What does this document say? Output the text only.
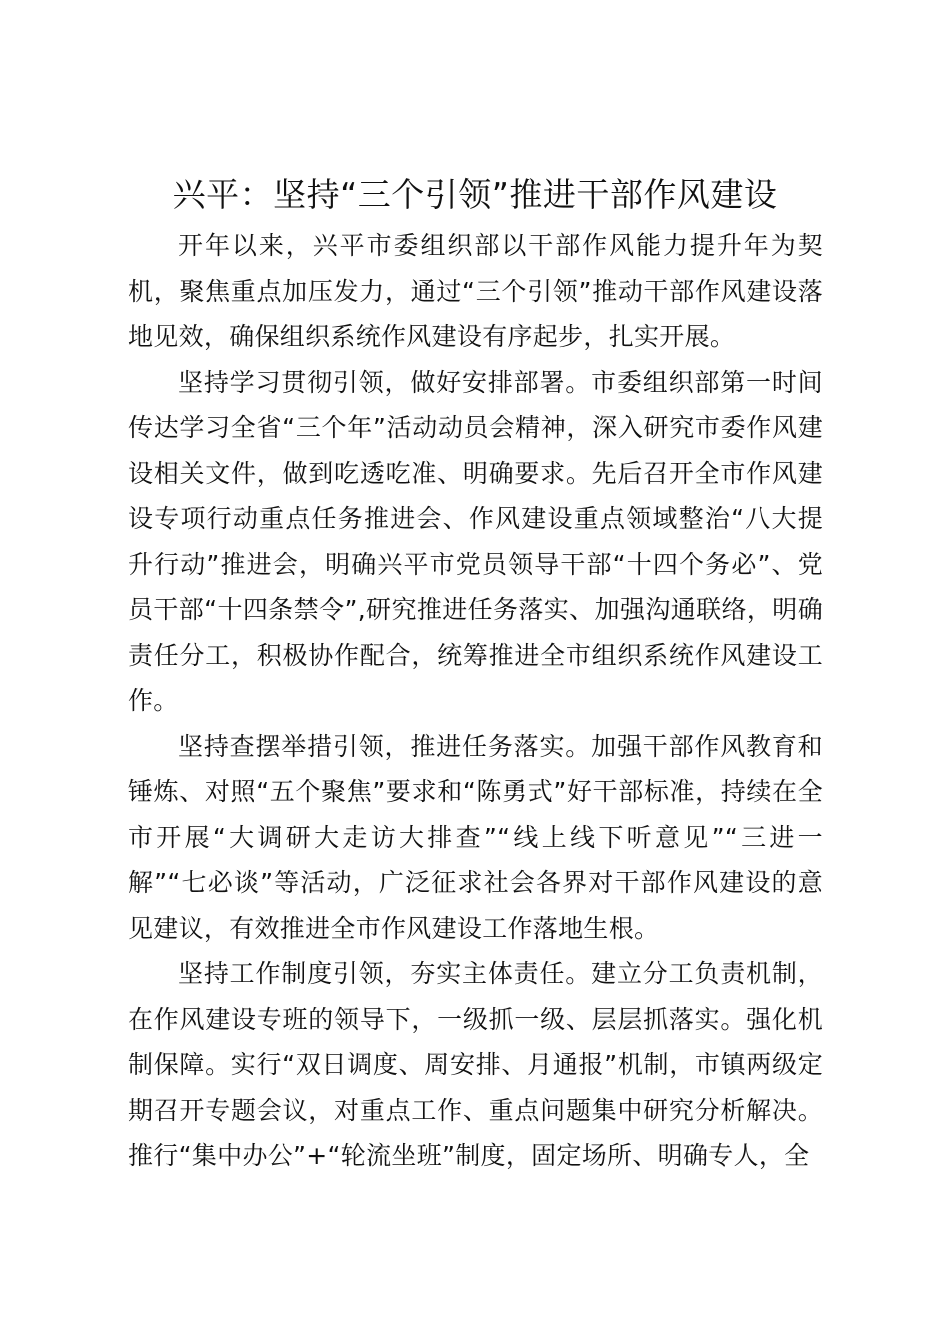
兴平：坚持“三个引领”推进干部作风建设

开年以来，兴平市委组织部以干部作风能力提升年为契机，聚焦重点加压发力，通过“三个引领”推动干部作风建设落地见效，确保组织系统作风建设有序起步，扎实开展。

坚持学习贯彻引领，做好安排部署。市委组织部第一时间传达学习全省“三个年”活动动员会精神，深入研究市委作风建设相关文件，做到吃透吃准、明确要求。先后召开全市作风建设专项行动重点任务推进会、作风建设重点领域整治“八大提升行动”推进会，明确兴平市党员领导干部“十四个务必”、党员干部“十四条禁令”,研究推进任务落实、加强沟通联络，明确责任分工，积极协作配合，统筹推进全市组织系统作风建设工作。

坚持查摆举措引领，推进任务落实。加强干部作风教育和锤炼、对照“五个聚焦”要求和“陈勇式”好干部标准，持续在全市开展“大调研大走访大排查”“线上线下听意见”“三进一解”“七必谈”等活动，广泛征求社会各界对干部作风建设的意见建议，有效推进全市作风建设工作落地生根。

坚持工作制度引领，夯实主体责任。建立分工负责机制，在作风建设专班的领导下，一级抓一级、层层抓落实。强化机制保障。实行“双日调度、周安排、月通报”机制，市镇两级定期召开专题会议，对重点工作、重点问题集中研究分析解决。推行“集中办公”+“轮流坐班”制度，固定场所、明确专人，全
